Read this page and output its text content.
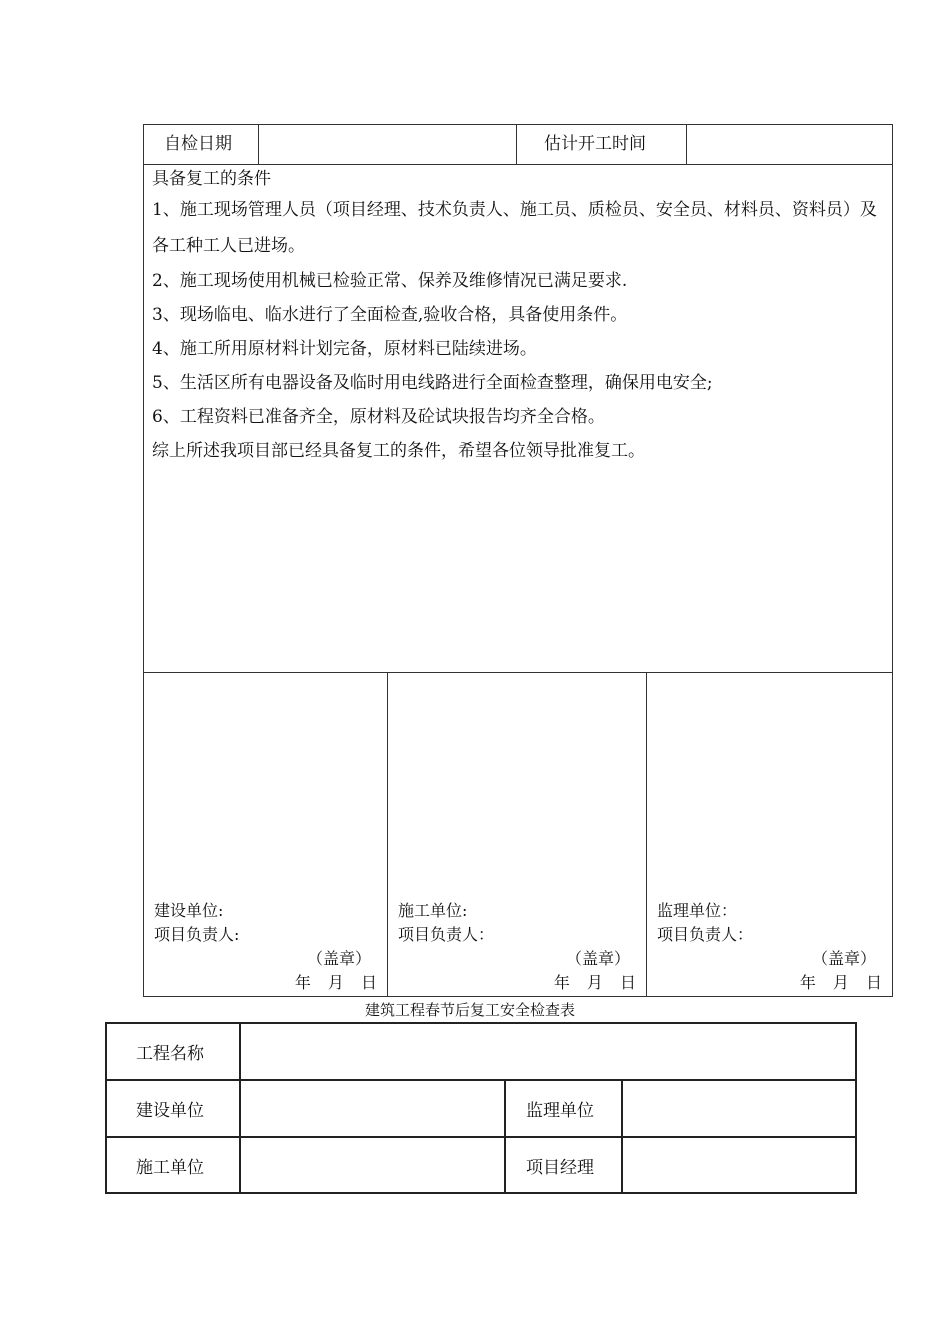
自检日期	估计开工时间
具备复工的条件
1、施工现场管理人员（项目经理、技术负责人、施工员、质检员、安全员、材料员、资料员）及各工种工人已进场。
2、施工现场使用机械已检验正常、保养及维修情况已满足要求.
3、现场临电、临水进行了全面检查,验收合格，具备使用条件。
4、施工所用原材料计划完备，原材料已陆续进场。
5、生活区所有电器设备及临时用电线路进行全面检查整理，确保用电安全;
6、工程资料已准备齐全，原材料及砼试块报告均齐全合格。
综上所述我项目部已经具备复工的条件，希望各位领导批准复工。
建设单位:
项目负责人:
（盖章）
年 月 日
施工单位:
项目负责人：
（盖章）
年 月 日
监理单位：
项目负责人：
（盖章）
年 月 日
建筑工程春节后复工安全检查表
工程名称
建设单位	监理单位
施工单位	项目经理
